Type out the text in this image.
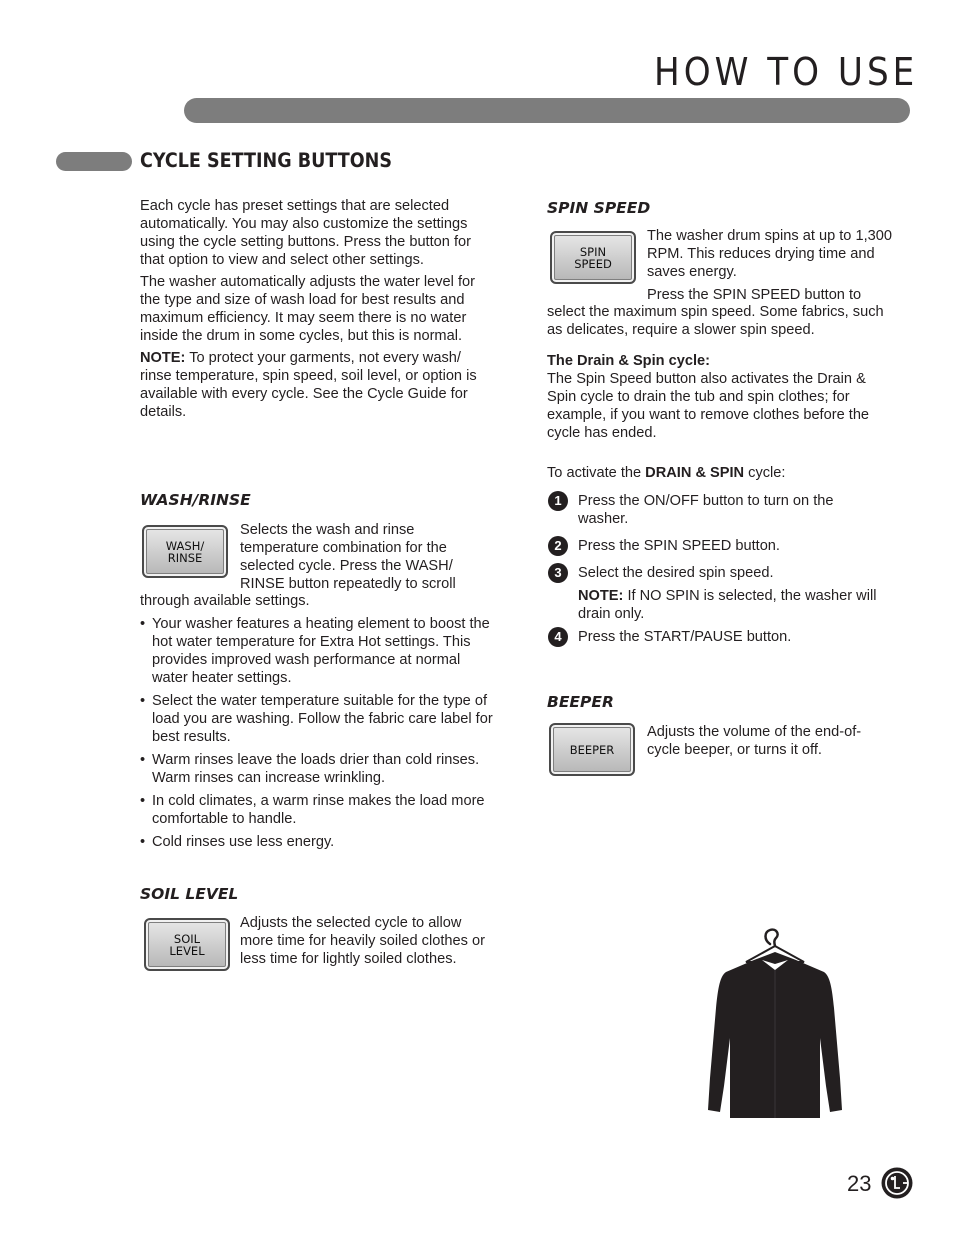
HOW TO USE
CYCLE SETTING BUTTONS

Each cycle has preset settings that are selected automatically. You may also customize the settings using the cycle setting buttons. Press the button for that option to view and select other settings.

The washer automatically adjusts the water level for the type and size of wash load for best results and maximum efficiency. It may seem there is no water inside the drum in some cycles, but this is normal.

NOTE: To protect your garments, not every wash/ rinse temperature, spin speed, soil level, or option is available with every cycle. See the Cycle Guide for details.

WASH/RINSE
WASH/
RINSE

Selects the wash and rinse temperature combination for the selected cycle. Press the WASH/ RINSE button repeatedly to scroll

through available settings.

• Your washer features a heating element to boost the hot water temperature for Extra Hot settings. This provides improved wash performance at normal water heater settings.
• Select the water temperature suitable for the type of load you are washing. Follow the fabric care label for best results.
• Warm rinses leave the loads drier than cold rinses. Warm rinses can increase wrinkling.
• In cold climates, a warm rinse makes the load more comfortable to handle.
• Cold rinses use less energy.
SOIL LEVEL
SOIL
LEVEL

Adjusts the selected cycle to allow more time for heavily soiled clothes or less time for lightly soiled clothes.

SPIN SPEED
SPIN
SPEED

The washer drum spins at up to 1,300 RPM. This reduces drying time and saves energy.

Press the SPIN SPEED button to

select the maximum spin speed. Some fabrics, such as delicates, require a slower spin speed.

The Drain & Spin cycle:

The Spin Speed button also activates the Drain & Spin cycle to drain the tub and spin clothes; for example, if you want to remove clothes before the cycle has ended.

To activate the DRAIN & SPIN cycle:

1	Press the ON/OFF button to turn on the washer.
2	Press the SPIN SPEED button.
3	Select the desired spin speed.

NOTE: If NO SPIN is selected, the washer will drain only.

4	Press the START/PAUSE button.
BEEPER
BEEPER

Adjusts the volume of the end-of-cycle beeper, or turns it off.

23
